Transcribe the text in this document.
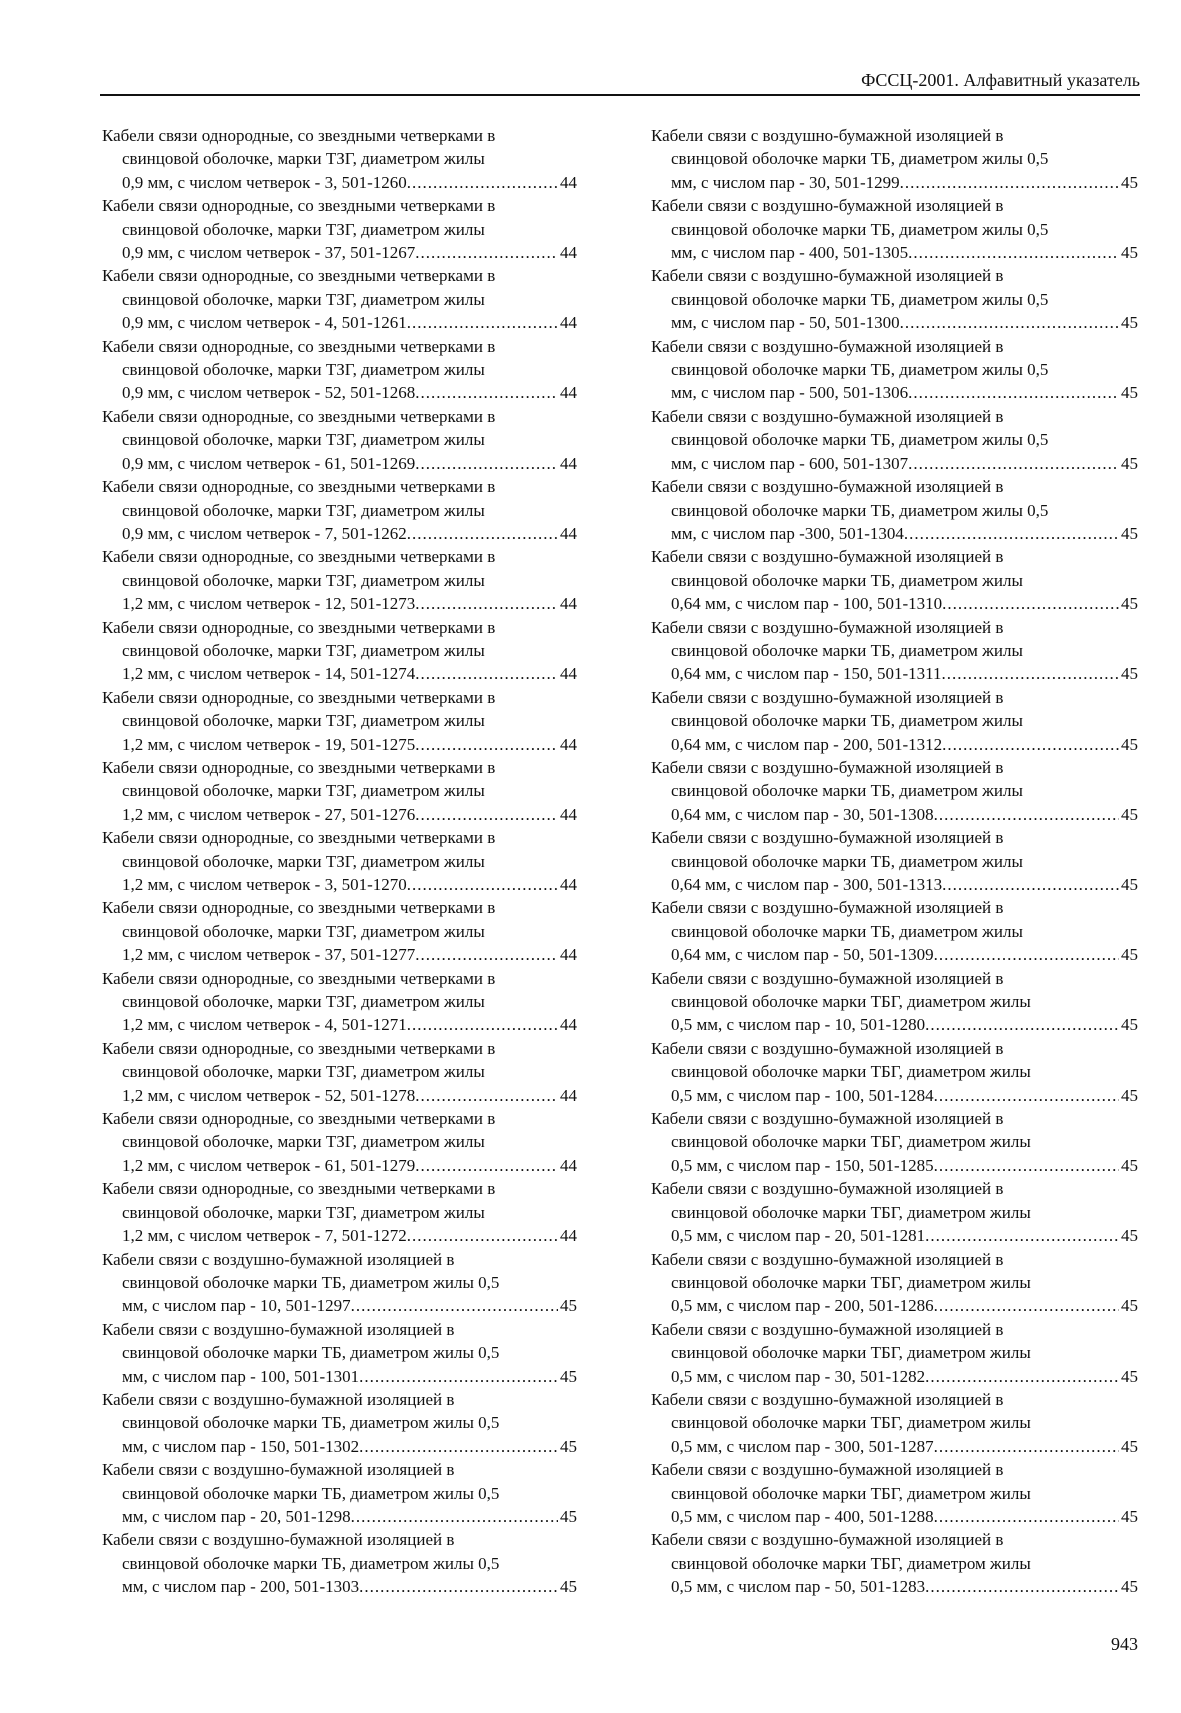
ФССЦ-2001. Алфавитный указатель
Кабели связи однородные, со звездными четверками в
свинцовой оболочке, марки ТЗГ, диаметром жилы
0,9 мм, с числом четверок - 3, 501-1260 .....	44
Кабели связи однородные, со звездными четверками в
свинцовой оболочке, марки ТЗГ, диаметром жилы
0,9 мм, с числом четверок - 37, 501-1267 .....	44
Кабели связи однородные, со звездными четверками в
свинцовой оболочке, марки ТЗГ, диаметром жилы
0,9 мм, с числом четверок - 4, 501-1261 .....	44
Кабели связи однородные, со звездными четверками в
свинцовой оболочке, марки ТЗГ, диаметром жилы
0,9 мм, с числом четверок - 52, 501-1268 .....	44
Кабели связи однородные, со звездными четверками в
свинцовой оболочке, марки ТЗГ, диаметром жилы
0,9 мм, с числом четверок - 61, 501-1269 .....	44
Кабели связи однородные, со звездными четверками в
свинцовой оболочке, марки ТЗГ, диаметром жилы
0,9 мм, с числом четверок - 7, 501-1262 .....	44
Кабели связи однородные, со звездными четверками в
свинцовой оболочке, марки ТЗГ, диаметром жилы
1,2 мм, с числом четверок - 12, 501-1273 .....	44
Кабели связи однородные, со звездными четверками в
свинцовой оболочке, марки ТЗГ, диаметром жилы
1,2 мм, с числом четверок - 14, 501-1274 .....	44
Кабели связи однородные, со звездными четверками в
свинцовой оболочке, марки ТЗГ, диаметром жилы
1,2 мм, с числом четверок - 19, 501-1275 .....	44
Кабели связи однородные, со звездными четверками в
свинцовой оболочке, марки ТЗГ, диаметром жилы
1,2 мм, с числом четверок - 27, 501-1276 .....	44
Кабели связи однородные, со звездными четверками в
свинцовой оболочке, марки ТЗГ, диаметром жилы
1,2 мм, с числом четверок - 3, 501-1270 .....	44
Кабели связи однородные, со звездными четверками в
свинцовой оболочке, марки ТЗГ, диаметром жилы
1,2 мм, с числом четверок - 37, 501-1277 .....	44
Кабели связи однородные, со звездными четверками в
свинцовой оболочке, марки ТЗГ, диаметром жилы
1,2 мм, с числом четверок - 4, 501-1271 .....	44
Кабели связи однородные, со звездными четверками в
свинцовой оболочке, марки ТЗГ, диаметром жилы
1,2 мм, с числом четверок - 52, 501-1278 .....	44
Кабели связи однородные, со звездными четверками в
свинцовой оболочке, марки ТЗГ, диаметром жилы
1,2 мм, с числом четверок - 61, 501-1279 .....	44
Кабели связи однородные, со звездными четверками в
свинцовой оболочке, марки ТЗГ, диаметром жилы
1,2 мм, с числом четверок - 7, 501-1272 .....	44
Кабели связи с воздушно-бумажной изоляцией в
свинцовой оболочке марки ТБ, диаметром жилы 0,5
мм, с числом пар - 10, 501-1297 .....	45
Кабели связи с воздушно-бумажной изоляцией в
свинцовой оболочке марки ТБ, диаметром жилы 0,5
мм, с числом пар - 100, 501-1301 .....	45
Кабели связи с воздушно-бумажной изоляцией в
свинцовой оболочке марки ТБ, диаметром жилы 0,5
мм, с числом пар - 150, 501-1302 .....	45
Кабели связи с воздушно-бумажной изоляцией в
свинцовой оболочке марки ТБ, диаметром жилы 0,5
мм, с числом пар - 20, 501-1298 .....	45
Кабели связи с воздушно-бумажной изоляцией в
свинцовой оболочке марки ТБ, диаметром жилы 0,5
мм, с числом пар - 200, 501-1303 .....	45
Кабели связи с воздушно-бумажной изоляцией в
свинцовой оболочке марки ТБ, диаметром жилы 0,5
мм, с числом пар - 30, 501-1299 .....	45
Кабели связи с воздушно-бумажной изоляцией в
свинцовой оболочке марки ТБ, диаметром жилы 0,5
мм, с числом пар - 400, 501-1305 .....	45
Кабели связи с воздушно-бумажной изоляцией в
свинцовой оболочке марки ТБ, диаметром жилы 0,5
мм, с числом пар - 50, 501-1300 .....	45
Кабели связи с воздушно-бумажной изоляцией в
свинцовой оболочке марки ТБ, диаметром жилы 0,5
мм, с числом пар - 500, 501-1306 .....	45
Кабели связи с воздушно-бумажной изоляцией в
свинцовой оболочке марки ТБ, диаметром жилы 0,5
мм, с числом пар - 600, 501-1307 .....	45
Кабели связи с воздушно-бумажной изоляцией в
свинцовой оболочке марки ТБ, диаметром жилы 0,5
мм, с числом пар -300, 501-1304 .....	45
Кабели связи с воздушно-бумажной изоляцией в
свинцовой оболочке марки ТБ, диаметром жилы
0,64 мм, с числом пар - 100, 501-1310 .....	45
Кабели связи с воздушно-бумажной изоляцией в
свинцовой оболочке марки ТБ, диаметром жилы
0,64 мм, с числом пар - 150, 501-1311 .....	45
Кабели связи с воздушно-бумажной изоляцией в
свинцовой оболочке марки ТБ, диаметром жилы
0,64 мм, с числом пар - 200, 501-1312 .....	45
Кабели связи с воздушно-бумажной изоляцией в
свинцовой оболочке марки ТБ, диаметром жилы
0,64 мм, с числом пар - 30, 501-1308 .....	45
Кабели связи с воздушно-бумажной изоляцией в
свинцовой оболочке марки ТБ, диаметром жилы
0,64 мм, с числом пар - 300, 501-1313 .....	45
Кабели связи с воздушно-бумажной изоляцией в
свинцовой оболочке марки ТБ, диаметром жилы
0,64 мм, с числом пар - 50, 501-1309 .....	45
Кабели связи с воздушно-бумажной изоляцией в
свинцовой оболочке марки ТБГ, диаметром жилы
0,5 мм, с числом пар - 10, 501-1280 .....	45
Кабели связи с воздушно-бумажной изоляцией в
свинцовой оболочке марки ТБГ, диаметром жилы
0,5 мм, с числом пар - 100, 501-1284 .....	45
Кабели связи с воздушно-бумажной изоляцией в
свинцовой оболочке марки ТБГ, диаметром жилы
0,5 мм, с числом пар - 150, 501-1285 .....	45
Кабели связи с воздушно-бумажной изоляцией в
свинцовой оболочке марки ТБГ, диаметром жилы
0,5 мм, с числом пар - 20, 501-1281 .....	45
Кабели связи с воздушно-бумажной изоляцией в
свинцовой оболочке марки ТБГ, диаметром жилы
0,5 мм, с числом пар - 200, 501-1286 .....	45
Кабели связи с воздушно-бумажной изоляцией в
свинцовой оболочке марки ТБГ, диаметром жилы
0,5 мм, с числом пар - 30, 501-1282 .....	45
Кабели связи с воздушно-бумажной изоляцией в
свинцовой оболочке марки ТБГ, диаметром жилы
0,5 мм, с числом пар - 300, 501-1287 .....	45
Кабели связи с воздушно-бумажной изоляцией в
свинцовой оболочке марки ТБГ, диаметром жилы
0,5 мм, с числом пар - 400, 501-1288 .....	45
Кабели связи с воздушно-бумажной изоляцией в
свинцовой оболочке марки ТБГ, диаметром жилы
0,5 мм, с числом пар - 50, 501-1283 .....	45
943
